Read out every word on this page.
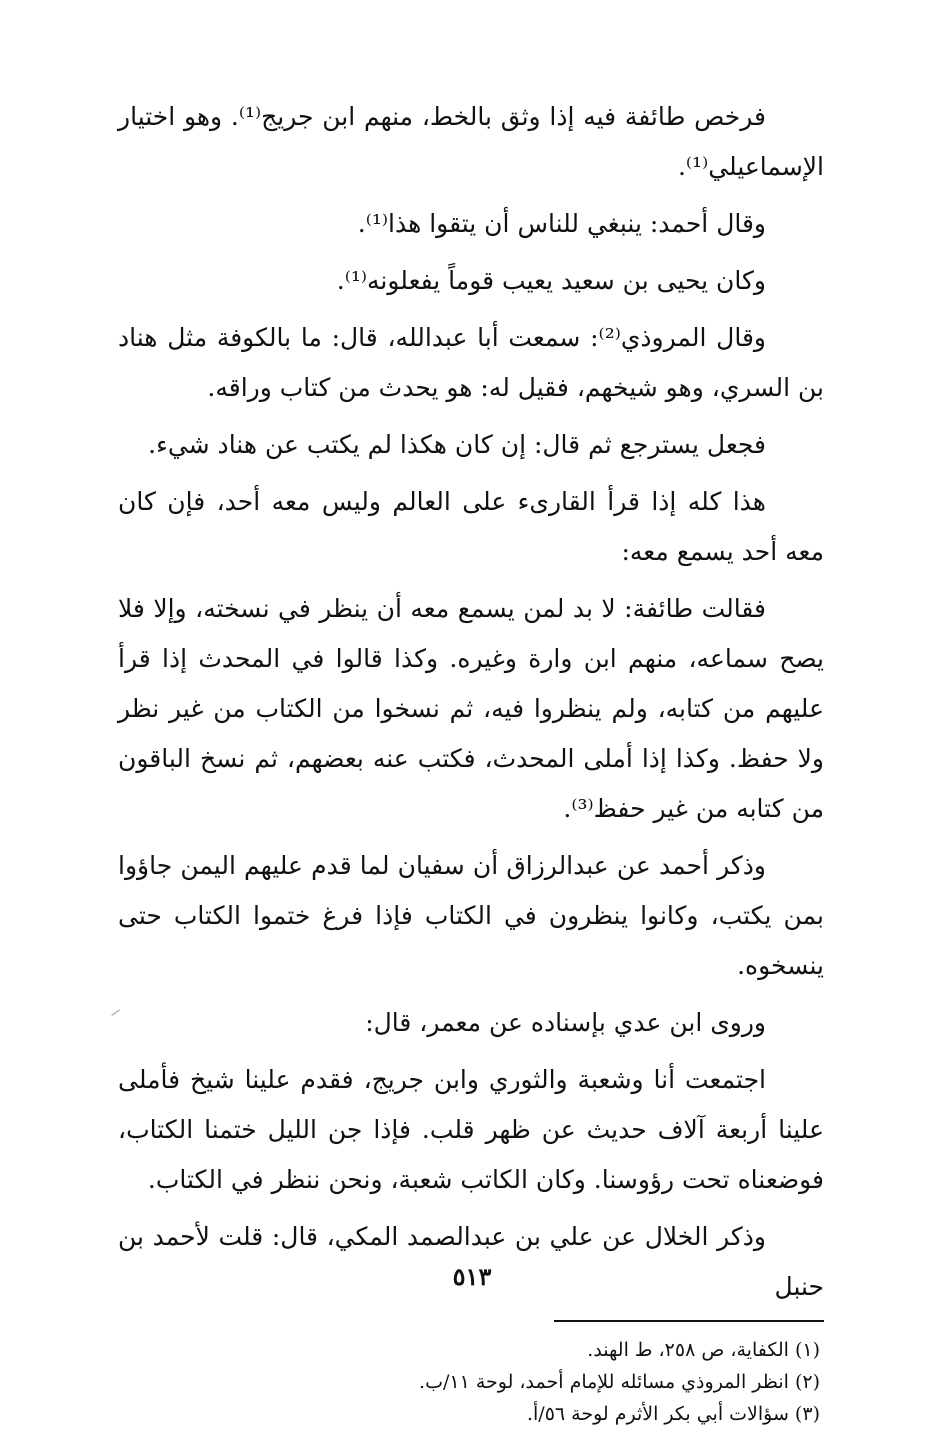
فرخص طائفة فيه إذا وثق بالخط، منهم ابن جريج⁽¹⁾. وهو اختيار الإسماعيلي⁽¹⁾.

وقال أحمد: ينبغي للناس أن يتقوا هذا⁽¹⁾.

وكان يحيى بن سعيد يعيب قوماً يفعلونه⁽¹⁾.

وقال المروذي⁽²⁾: سمعت أبا عبدالله، قال: ما بالكوفة مثل هناد بن السري، وهو شيخهم، فقيل له: هو يحدث من كتاب وراقه.

فجعل يسترجع ثم قال: إن كان هكذا لم يكتب عن هناد شيء.

هذا كله إذا قرأ القارىء على العالم وليس معه أحد، فإن كان معه أحد يسمع معه:

فقالت طائفة: لا بد لمن يسمع معه أن ينظر في نسخته، وإلا فلا يصح سماعه، منهم ابن وارة وغيره. وكذا قالوا في المحدث إذا قرأ عليهم من كتابه، ولم ينظروا فيه، ثم نسخوا من الكتاب من غير نظر ولا حفظ. وكذا إذا أملى المحدث، فكتب عنه بعضهم، ثم نسخ الباقون من كتابه من غير حفظ⁽³⁾.

وذكر أحمد عن عبدالرزاق أن سفيان لما قدم عليهم اليمن جاؤوا بمن يكتب، وكانوا ينظرون في الكتاب فإذا فرغ ختموا الكتاب حتى ينسخوه.

وروى ابن عدي بإسناده عن معمر، قال:

اجتمعت أنا وشعبة والثوري وابن جريج، فقدم علينا شيخ فأملى علينا أربعة آلاف حديث عن ظهر قلب. فإذا جن الليل ختمنا الكتاب، فوضعناه تحت رؤوسنا. وكان الكاتب شعبة، ونحن ننظر في الكتاب.

وذكر الخلال عن علي بن عبدالصمد المكي، قال: قلت لأحمد بن حنبل

(١) الكفاية، ص ٢٥٨، ط الهند.

(٢) انظر المروذي مسائله للإمام أحمد، لوحة ١١/ب.

(٣) سؤالات أبي بكر الأثرم لوحة ٥٦/أ.

٥١٣
